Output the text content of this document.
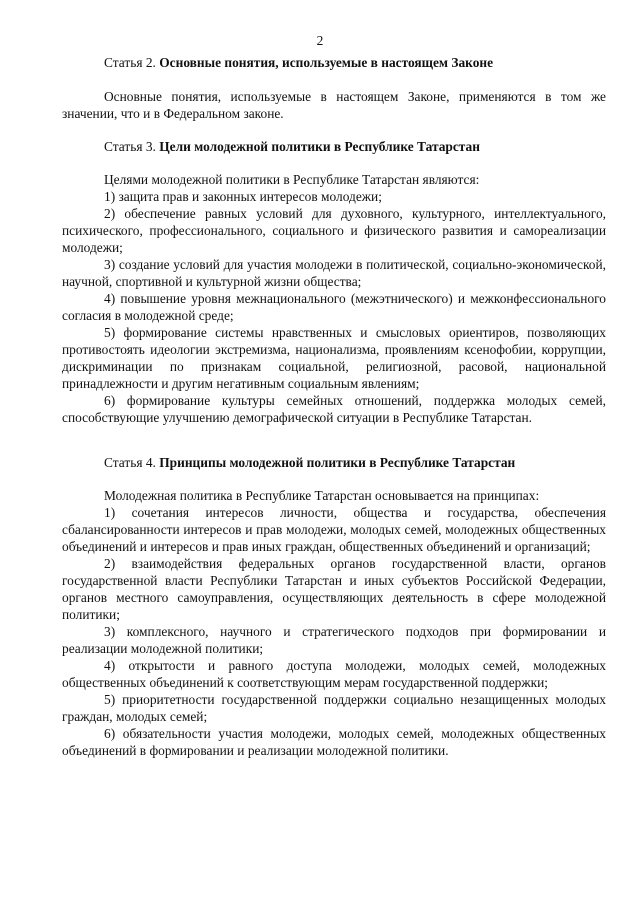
2
Статья 2. Основные понятия, используемые в настоящем Законе

Основные понятия, используемые в настоящем Законе, применяются в том же значении, что и в Федеральном законе.

Статья 3. Цели молодежной политики в Республике Татарстан

Целями молодежной политики в Республике Татарстан являются:

1) защита прав и законных интересов молодежи;

2) обеспечение равных условий для духовного, культурного, интеллектуального, психического, профессионального, социального и физического развития и самореализации молодежи;

3) создание условий для участия молодежи в политической, социально-экономической, научной, спортивной и культурной жизни общества;

4) повышение уровня межнационального (межэтнического) и межконфессионального согласия в молодежной среде;

5) формирование системы нравственных и смысловых ориентиров, позволяющих противостоять идеологии экстремизма, национализма, проявлениям ксенофобии, коррупции, дискриминации по признакам социальной, религиозной, расовой, национальной принадлежности и другим негативным социальным явлениям;

6) формирование культуры семейных отношений, поддержка молодых семей, способствующие улучшению демографической ситуации в Республике Татарстан.

Статья 4. Принципы молодежной политики в Республике Татарстан

Молодежная политика в Республике Татарстан основывается на принципах:

1) сочетания интересов личности, общества и государства, обеспечения сбалансированности интересов и прав молодежи, молодых семей, молодежных общественных объединений и интересов и прав иных граждан, общественных объединений и организаций;

2) взаимодействия федеральных органов государственной власти, органов государственной власти Республики Татарстан и иных субъектов Российской Федерации, органов местного самоуправления, осуществляющих деятельность в сфере молодежной политики;

3) комплексного, научного и стратегического подходов при формировании и реализации молодежной политики;

4) открытости и равного доступа молодежи, молодых семей, молодежных общественных объединений к соответствующим мерам государственной поддержки;

5) приоритетности государственной поддержки социально незащищенных молодых граждан, молодых семей;

6) обязательности участия молодежи, молодых семей, молодежных общественных объединений в формировании и реализации молодежной политики.
